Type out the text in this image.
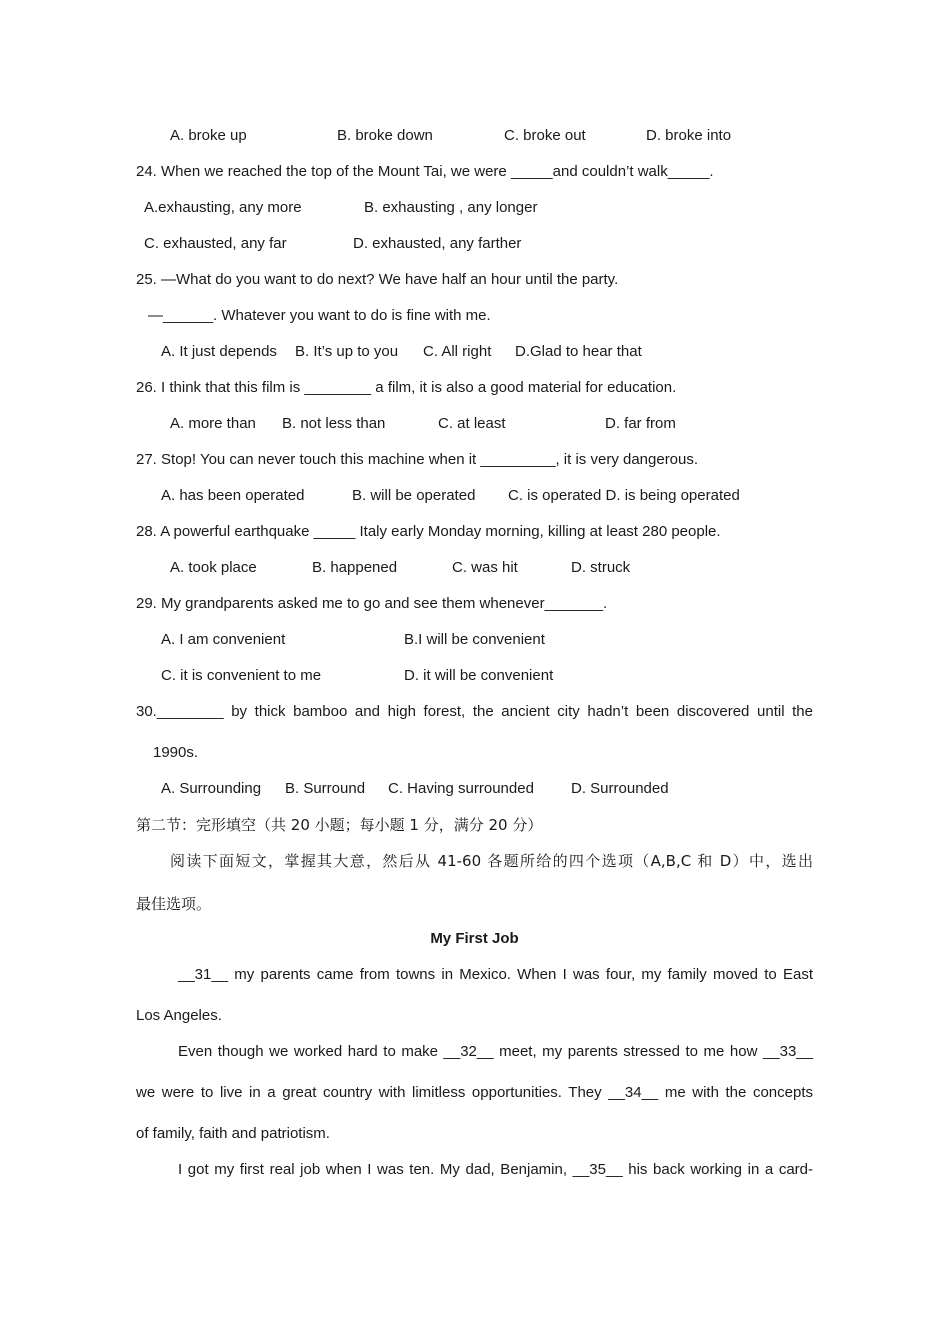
A. broke up	B. broke down	C. broke out	D. broke into
24. When we reached the top of the Mount Tai, we were _____and couldn’t walk_____.
A.exhausting, any more	B. exhausting , any longer
C. exhausted, any far	D. exhausted, any farther
25. —What do you want to do next? We have half an hour until the party.
—______. Whatever you want to do is fine with me.
A. It just depends B. It’s up to you C. All right D.Glad to hear that
26. I think that this film is ________ a film, it is also a good material for education.
A. more than B. not less than	C. at least	D. far from
27. Stop! You can never touch this machine when it _________, it is very dangerous.
A. has been operated	B. will be operated C. is operated D. is being operated
28. A powerful earthquake _____ Italy early Monday morning, killing at least 280 people.
A. took place	B. happened	C. was hit	D. struck
29. My grandparents asked me to go and see them whenever_______.
A. I am convenient	B.I will be convenient
C. it is convenient to me	D. it will be convenient
30.________ by thick bamboo and high forest, the ancient city hadn’t been discovered until the
1990s.
A. Surrounding B. Surround C. Having surrounded D. Surrounded
第二节：完形填空（共 20 小题；每小题 1 分，满分 20 分）
阅读下面短文，掌握其大意，然后从 41-60 各题所给的四个选项（A,B,C 和 D）中，选出
最佳选项。
My First Job
__31__ my parents came from towns in Mexico. When I was four, my family moved to East
Los Angeles.
Even though we worked hard to make __32__ meet, my parents stressed to me how __33__
we were to live in a great country with limitless opportunities. They __34__ me with the concepts
of family, faith and patriotism.
I got my first real job when I was ten. My dad, Benjamin, __35__ his back working in a card-
